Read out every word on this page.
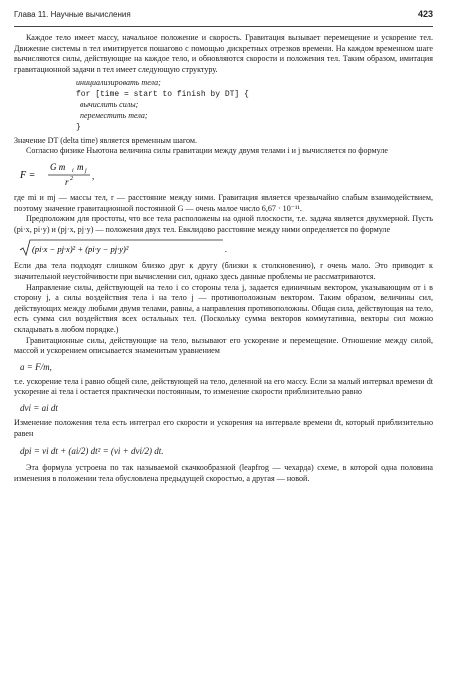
Глава 11. Научные вычисления	423

Каждое тело имеет массу, начальное положение и скорость. Гравитация вызывает перемещение и ускорение тел. Движение системы n тел имитируется пошагово с помощью дискретных отрезков времени. На каждом временном шаге вычисляются силы, действующие на каждое тело, и обновляются скорости и положения тел. Таким образом, имитация гравитационной задачи n тел имеет следующую структуру.

инициализировать тела;
for [time = start to finish by DT] {
вычислить силы;
переместить тела;
}

Значение DT (delta time) является временным шагом.

Согласно физике Ньютона величина силы гравитации между двумя телами i и j вычисляется по формуле

F =
G m i m j
r 2 ,

где mi и mj — массы тел, r — расстояние между ними. Гравитация является чрезвычайно слабым взаимодействием, поэтому значение гравитационной постоянной G — очень малое число 6,67 · 10⁻¹¹.

Предположим для простоты, что все тела расположены на одной плоскости, т.е. задача является двухмерной. Пусть (pi·x, pi·y) и (pj·x, pj·y) — положения двух тел. Евклидово расстояние между ними определяется по формуле

(pi·x − pj·x)² + (pi·y − pj·y)²	.

Если два тела подходят слишком близко друг к другу (близки к столкновению), r очень мало. Это приводит к значительной неустойчивости при вычислении сил, однако здесь данные проблемы не рассматриваются.

Направление силы, действующей на тело i со стороны тела j, задается единичным вектором, указывающим от i в сторону j, а силы воздействия тела i на тело j — противоположным вектором. Таким образом, величины сил, действующих между любыми двумя телами, равны, а направления противоположны. Общая сила, действующая на тело, есть сумма сил воздействия всех остальных тел. (Поскольку сумма векторов коммутативна, векторы сил можно складывать в любом порядке.)

Гравитационные силы, действующие на тело, вызывают его ускорение и перемещение. Отношение между силой, массой и ускорением описывается знаменитым уравнением

a = F/m,

т.е. ускорение тела i равно общей силе, действующей на тело, деленной на его массу. Если за малый интервал времени dt ускорение ai тела i остается практически постоянным, то изменение скорости приблизительно равно

dvi = ai dt

Изменение положения тела есть интеграл его скорости и ускорения на интервале времени dt, который приблизительно равен

dpi = vi dt + (ai/2) dt² = (vi + dvi/2) dt.

Эта формула устроена по так называемой скачкообразной (leapfrog — чехарда) схеме, в которой одна половина изменения в положении тела обусловлена предыдущей скоростью, а другая — новой.
